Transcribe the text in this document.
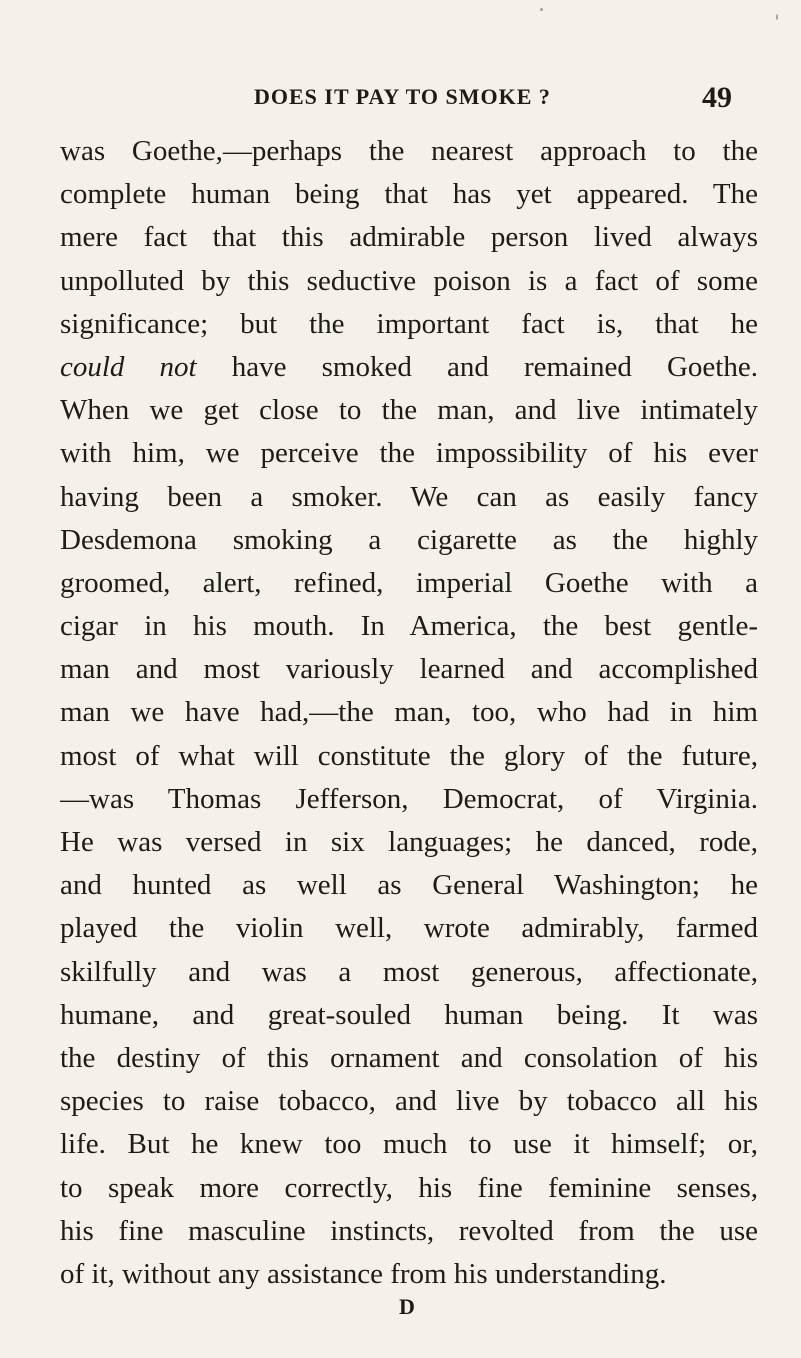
DOES IT PAY TO SMOKE ?	49
was Goethe,—perhaps the nearest approach to the
complete human being that has yet appeared. The
mere fact that this admirable person lived always
unpolluted by this seductive poison is a fact of some
significance; but the important fact is, that he
could not have smoked and remained Goethe.
When we get close to the man, and live intimately
with him, we perceive the impossibility of his ever
having been a smoker. We can as easily fancy
Desdemona smoking a cigarette as the highly
groomed, alert, refined, imperial Goethe with a
cigar in his mouth. In America, the best gentle-
man and most variously learned and accomplished
man we have had,—the man, too, who had in him
most of what will constitute the glory of the future,
—was Thomas Jefferson, Democrat, of Virginia.
He was versed in six languages; he danced, rode,
and hunted as well as General Washington; he
played the violin well, wrote admirably, farmed
skilfully and was a most generous, affectionate,
humane, and great-souled human being. It was
the destiny of this ornament and consolation of his
species to raise tobacco, and live by tobacco all his
life. But he knew too much to use it himself; or,
to speak more correctly, his fine feminine senses,
his fine masculine instincts, revolted from the use
of it, without any assistance from his understanding.
D
